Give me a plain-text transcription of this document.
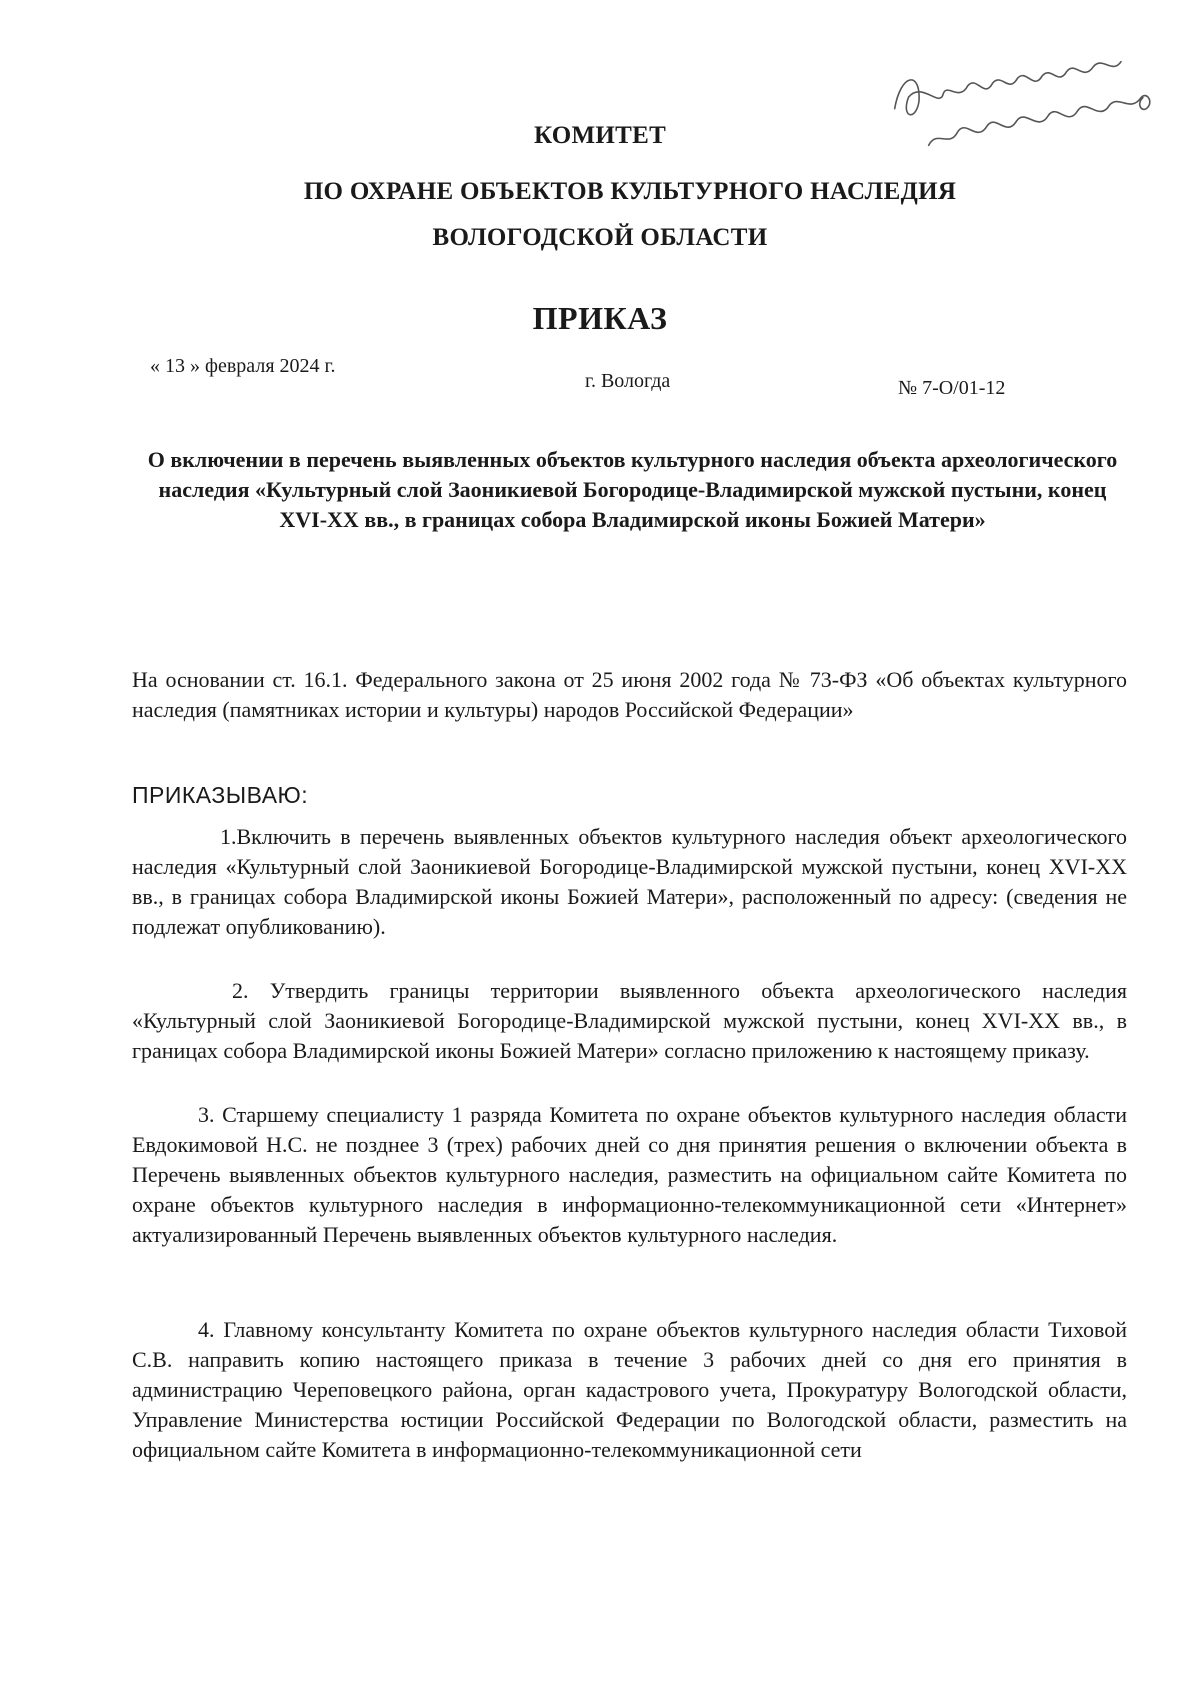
КОМИТЕТ
ПО ОХРАНЕ ОБЪЕКТОВ КУЛЬТУРНОГО НАСЛЕДИЯ
ВОЛОГОДСКОЙ ОБЛАСТИ
ПРИКАЗ
« 13 » февраля 2024 г.
г. Вологда	№ 7-О/01-12
О включении в перечень выявленных объектов культурного наследия объекта археологического наследия «Культурный слой Заоникиевой Богородице-Владимирской мужской пустыни, конец XVI-XX вв., в границах собора Владимирской иконы Божией Матери»
На основании ст. 16.1. Федерального закона от 25 июня 2002 года № 73-ФЗ «Об объектах культурного наследия (памятниках истории и культуры) народов Российской Федерации»
ПРИКАЗЫВАЮ:
1.Включить в перечень выявленных объектов культурного наследия объект археологического наследия «Культурный слой Заоникиевой Богородице-Владимирской мужской пустыни, конец XVI-XX вв., в границах собора Владимирской иконы Божией Матери», расположенный по адресу: (сведения не подлежат опубликованию).
2. Утвердить границы территории выявленного объекта археологического наследия «Культурный слой Заоникиевой Богородице-Владимирской мужской пустыни, конец XVI-XX вв., в границах собора Владимирской иконы Божией Матери» согласно приложению к настоящему приказу.
3. Старшему специалисту 1 разряда Комитета по охране объектов культурного наследия области Евдокимовой Н.С. не позднее 3 (трех) рабочих дней со дня принятия решения о включении объекта в Перечень выявленных объектов культурного наследия, разместить на официальном сайте Комитета по охране объектов культурного наследия в информационно-телекоммуникационной сети «Интернет» актуализированный Перечень выявленных объектов культурного наследия.
4. Главному консультанту Комитета по охране объектов культурного наследия области Тиховой С.В. направить копию настоящего приказа в течение 3 рабочих дней со дня его принятия в администрацию Череповецкого района, орган кадастрового учета, Прокуратуру Вологодской области, Управление Министерства юстиции Российской Федерации по Вологодской области, разместить на официальном сайте Комитета в информационно-телекоммуникационной сети
